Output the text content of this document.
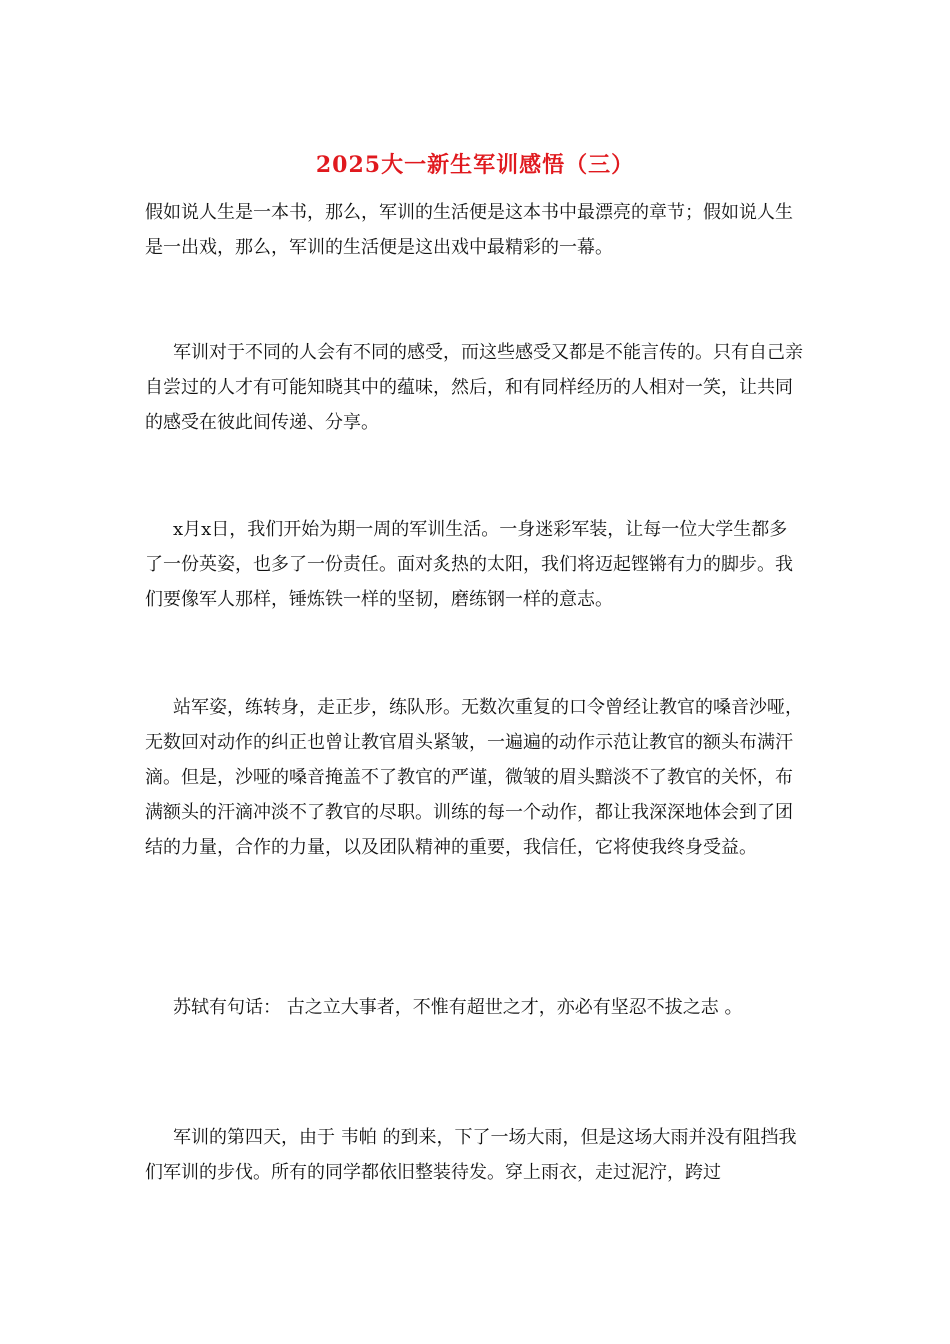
2025大一新生军训感悟（三）

假如说人生是一本书，那么，军训的生活便是这本书中最漂亮的章节；假如说人生是一出戏，那么，军训的生活便是这出戏中最精彩的一幕。

军训对于不同的人会有不同的感受，而这些感受又都是不能言传的。只有自己亲自尝过的人才有可能知晓其中的蕴味，然后，和有同样经历的人相对一笑，让共同的感受在彼此间传递、分享。

x月x日，我们开始为期一周的军训生活。一身迷彩军装，让每一位大学生都多了一份英姿，也多了一份责任。面对炙热的太阳，我们将迈起铿锵有力的脚步。我们要像军人那样，锤炼铁一样的坚韧，磨练钢一样的意志。

站军姿，练转身，走正步，练队形。无数次重复的口令曾经让教官的嗓音沙哑，无数回对动作的纠正也曾让教官眉头紧皱，一遍遍的动作示范让教官的额头布满汗滴。但是，沙哑的嗓音掩盖不了教官的严谨，微皱的眉头黯淡不了教官的关怀，布满额头的汗滴冲淡不了教官的尽职。训练的每一个动作，都让我深深地体会到了团结的力量，合作的力量，以及团队精神的重要，我信任，它将使我终身受益。

苏轼有句话： 古之立大事者，不惟有超世之才，亦必有坚忍不拔之志 。

军训的第四天，由于 韦帕 的到来，下了一场大雨，但是这场大雨并没有阻挡我们军训的步伐。所有的同学都依旧整装待发。穿上雨衣，走过泥泞，跨过
